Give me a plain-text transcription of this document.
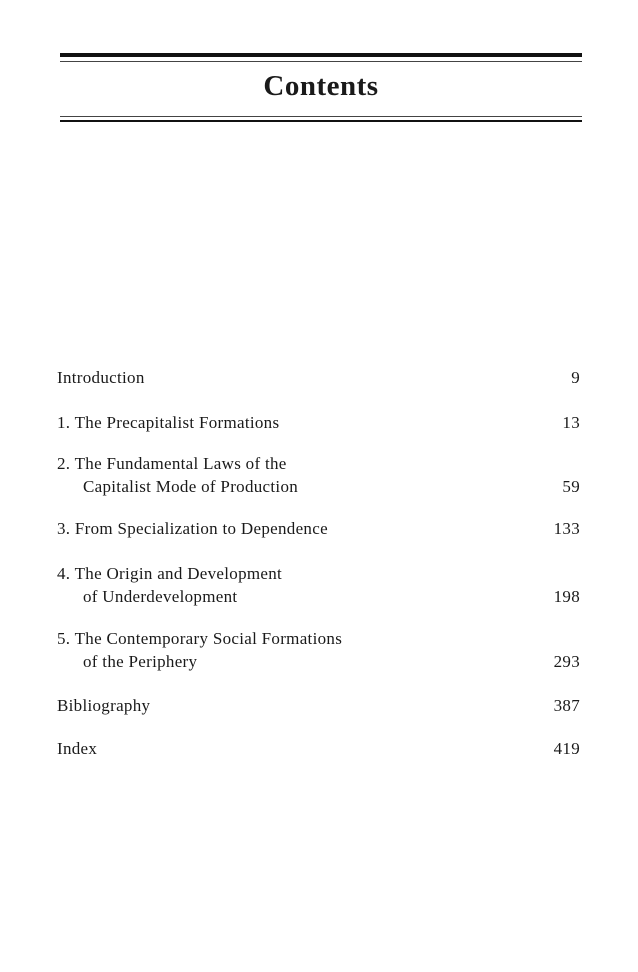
Contents
Introduction	9
1. The Precapitalist Formations	13
2. The Fundamental Laws of the
Capitalist Mode of Production	59
3. From Specialization to Dependence	133
4. The Origin and Development
of Underdevelopment	198
5. The Contemporary Social Formations
of the Periphery	293
Bibliography	387
Index	419
